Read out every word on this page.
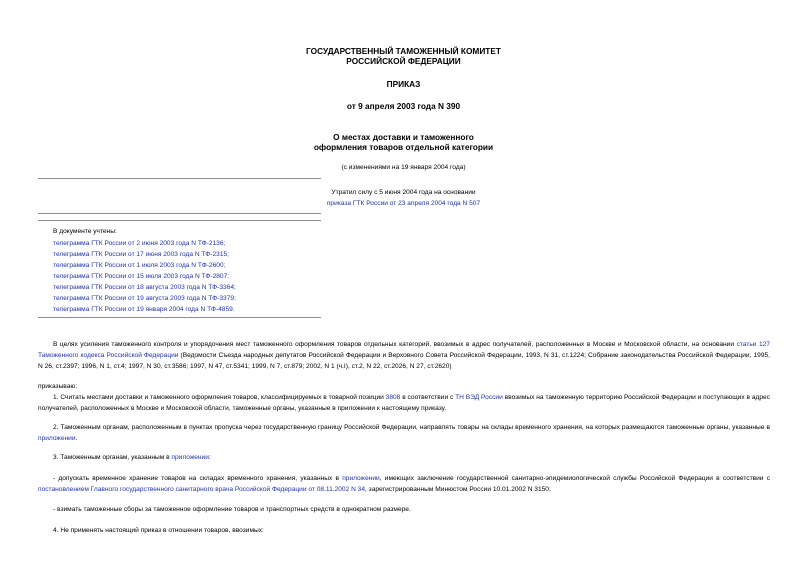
ГОСУДАРСТВЕННЫЙ ТАМОЖЕННЫЙ КОМИТЕТ
РОССИЙСКОЙ ФЕДЕРАЦИИ
ПРИКАЗ
от 9 апреля 2003 года N 390
О местах доставки и таможенного
оформления товаров отдельной категории
(с изменениями на 19 января 2004 года)
Утратил силу с 5 июня 2004 года на основании
приказа ГТК России от 23 апреля 2004 года N 507
В документе учтены:
телеграмма ГТК России от 2 июня 2003 года N ТФ-2136;
телеграмма ГТК России от 17 июня 2003 года N ТФ-2315;
телеграмма ГТК России от 1 июля 2003 года N ТФ-2600;
телеграмма ГТК России от 15 июля 2003 года N ТФ-2807;
телеграмма ГТК России от 18 августа 2003 года N ТФ-3364;
телеграмма ГТК России от 19 августа 2003 года N ТФ-3379;
телеграмма ГТК России от 19 января 2004 года N ТФ-4859.
В целях усиления таможенного контроля и упорядочения мест таможенного оформления товаров отдельных категорий, ввозимых в адрес получателей, расположенных в Москве и Московской области, на основании статьи 127 Таможенного кодекса Российской Федерации (Ведомости Съезда народных депутатов Российской Федерации и Верховного Совета Российской Федерации, 1993, N 31, ст.1224; Собрание законодательства Российской Федерации, 1995, N 26, ст.2397; 1996, N 1, ст.4; 1997, N 30, ст.3586; 1997, N 47, ст.5341; 1999, N 7, ст.879; 2002, N 1 (ч.I), ст.2, N 22, ст.2026, N 27, ст.2620)
приказываю:
1. Считать местами доставки и таможенного оформления товаров, классифицируемых в товарной позиции 3808 в соответствии с ТН ВЭД России ввозимых на таможенную территорию Российской Федерации и поступающих в адрес получателей, расположенных в Москве и Московской области, таможенные органы, указанные в приложении к настоящему приказу.
2. Таможенным органам, расположенным в пунктах пропуска через государственную границу Российской Федерации, направлять товары на склады временного хранения, на которых размещаются таможенные органы, указанные в приложении.
3. Таможенным органам, указанным в приложении:
- допускать временное хранение товаров на складах временного хранения, указанных в приложении, имеющих заключение государственной санитарно-эпидемиологической службы Российской Федерации в соответствии с постановлением Главного государственного санитарного врача Российской Федерации от 08.11.2002 N 34, зарегистрированным Минюстом России 10.01.2002 N 3150;
- взимать таможенные сборы за таможенное оформление товаров и транспортных средств в однократном размере.
4. Не применять настоящий приказ в отношении товаров, ввозимых:
